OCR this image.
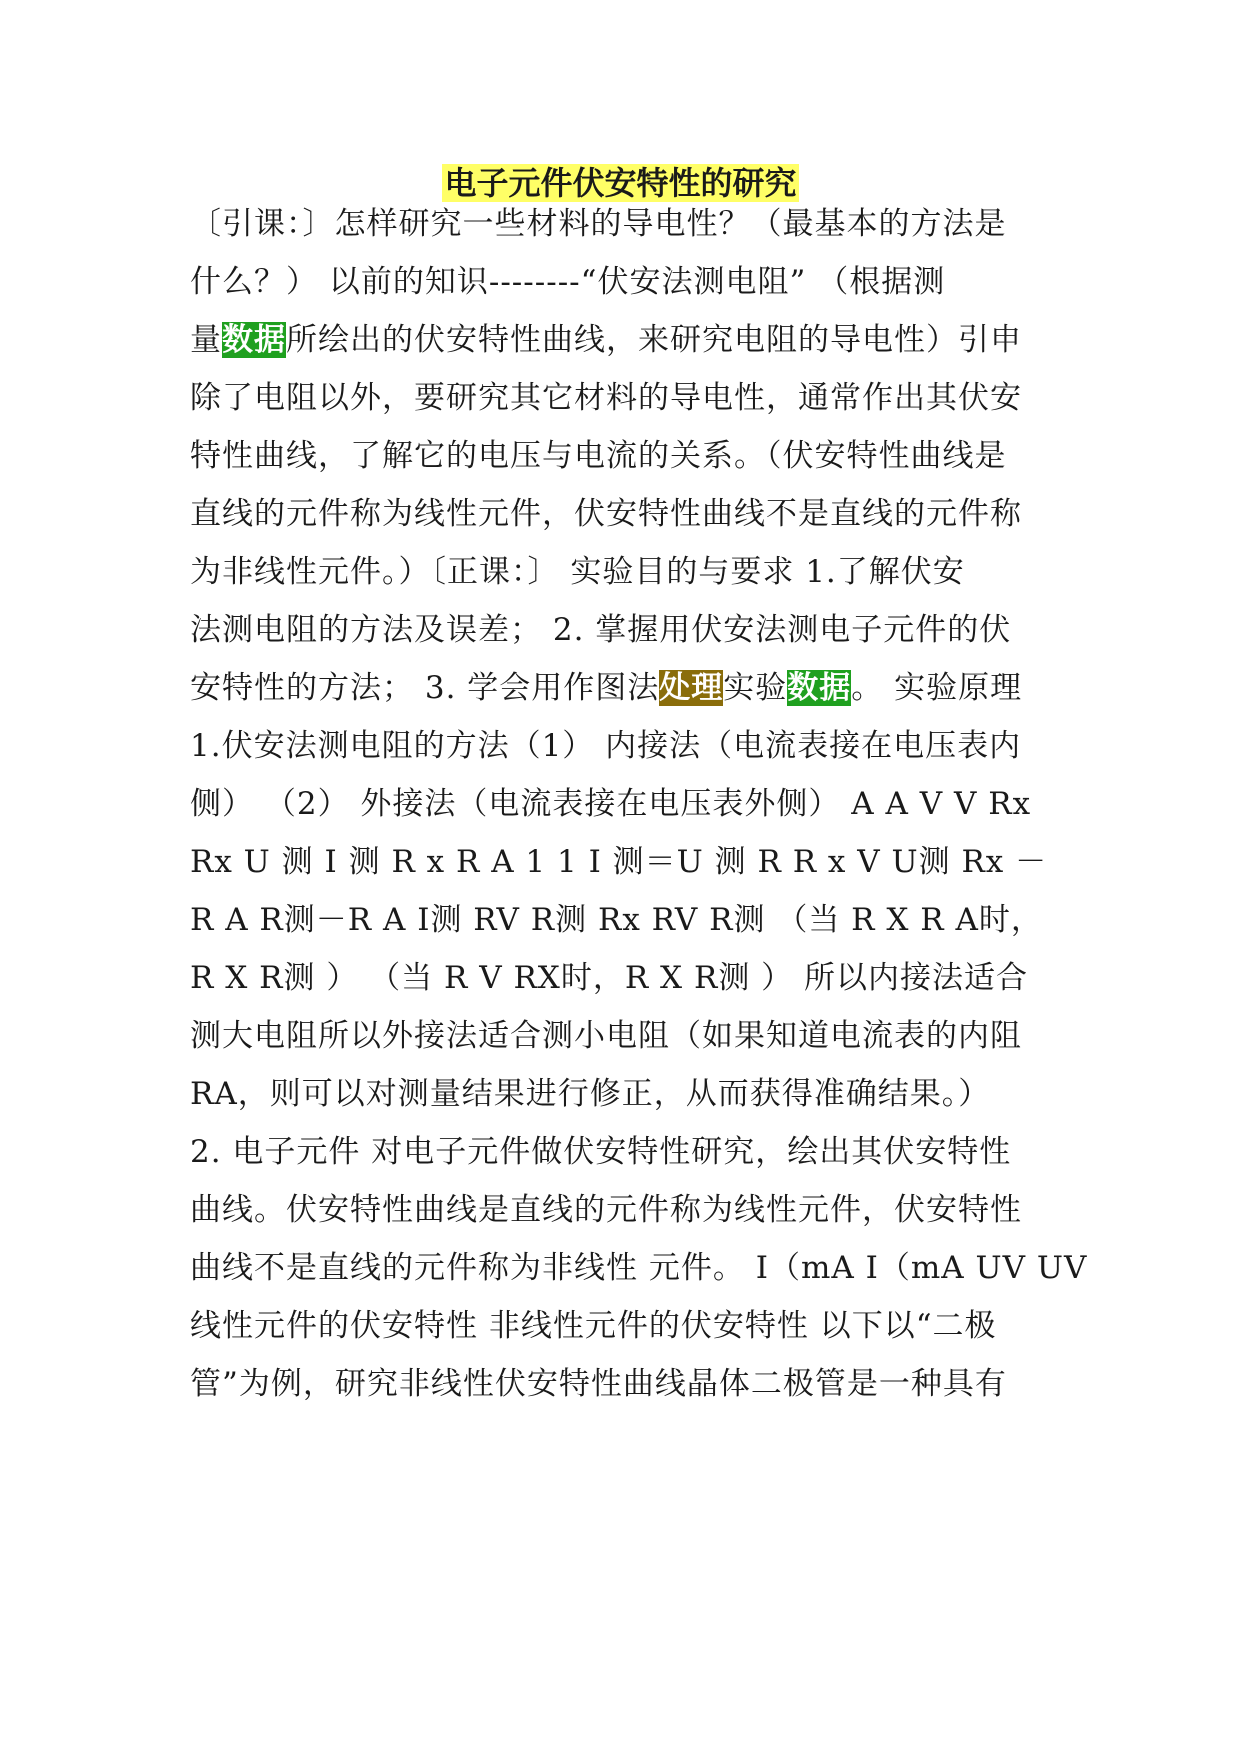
电子元件伏安特性的研究
〔引课：〕怎样研究一些材料的导电性？（最基本的方法是
什么？） 以前的知识--------“伏安法测电阻” （根据测
量数据所绘出的伏安特性曲线，来研究电阻的导电性）引申
除了电阻以外，要研究其它材料的导电性，通常作出其伏安
特性曲线，了解它的电压与电流的关系。（伏安特性曲线是
直线的元件称为线性元件，伏安特性曲线不是直线的元件称
为非线性元件。）〔正课：〕 实验目的与要求 1.了解伏安
法测电阻的方法及误差； 2. 掌握用伏安法测电子元件的伏
安特性的方法； 3. 学会用作图法处理实验数据。 实验原理
1.伏安法测电阻的方法（1） 内接法（电流表接在电压表内
侧） （2） 外接法（电流表接在电压表外侧） A A V V Rx
Rx U 测 I 测 R x R A 1 1 I 测＝U 测 R R x V U测 Rx －
R A R测－R A I测 RV R测 Rx RV R测 （当 R X R A时，
R X R测 ） （当 R V RX时，R X R测 ） 所以内接法适合
测大电阻所以外接法适合测小电阻（如果知道电流表的内阻
RA，则可以对测量结果进行修正，从而获得准确结果。）
2. 电子元件 对电子元件做伏安特性研究，绘出其伏安特性
曲线。伏安特性曲线是直线的元件称为线性元件，伏安特性
曲线不是直线的元件称为非线性 元件。 I（mA I（mA UV UV
线性元件的伏安特性 非线性元件的伏安特性 以下以“二极
管”为例，研究非线性伏安特性曲线晶体二极管是一种具有
